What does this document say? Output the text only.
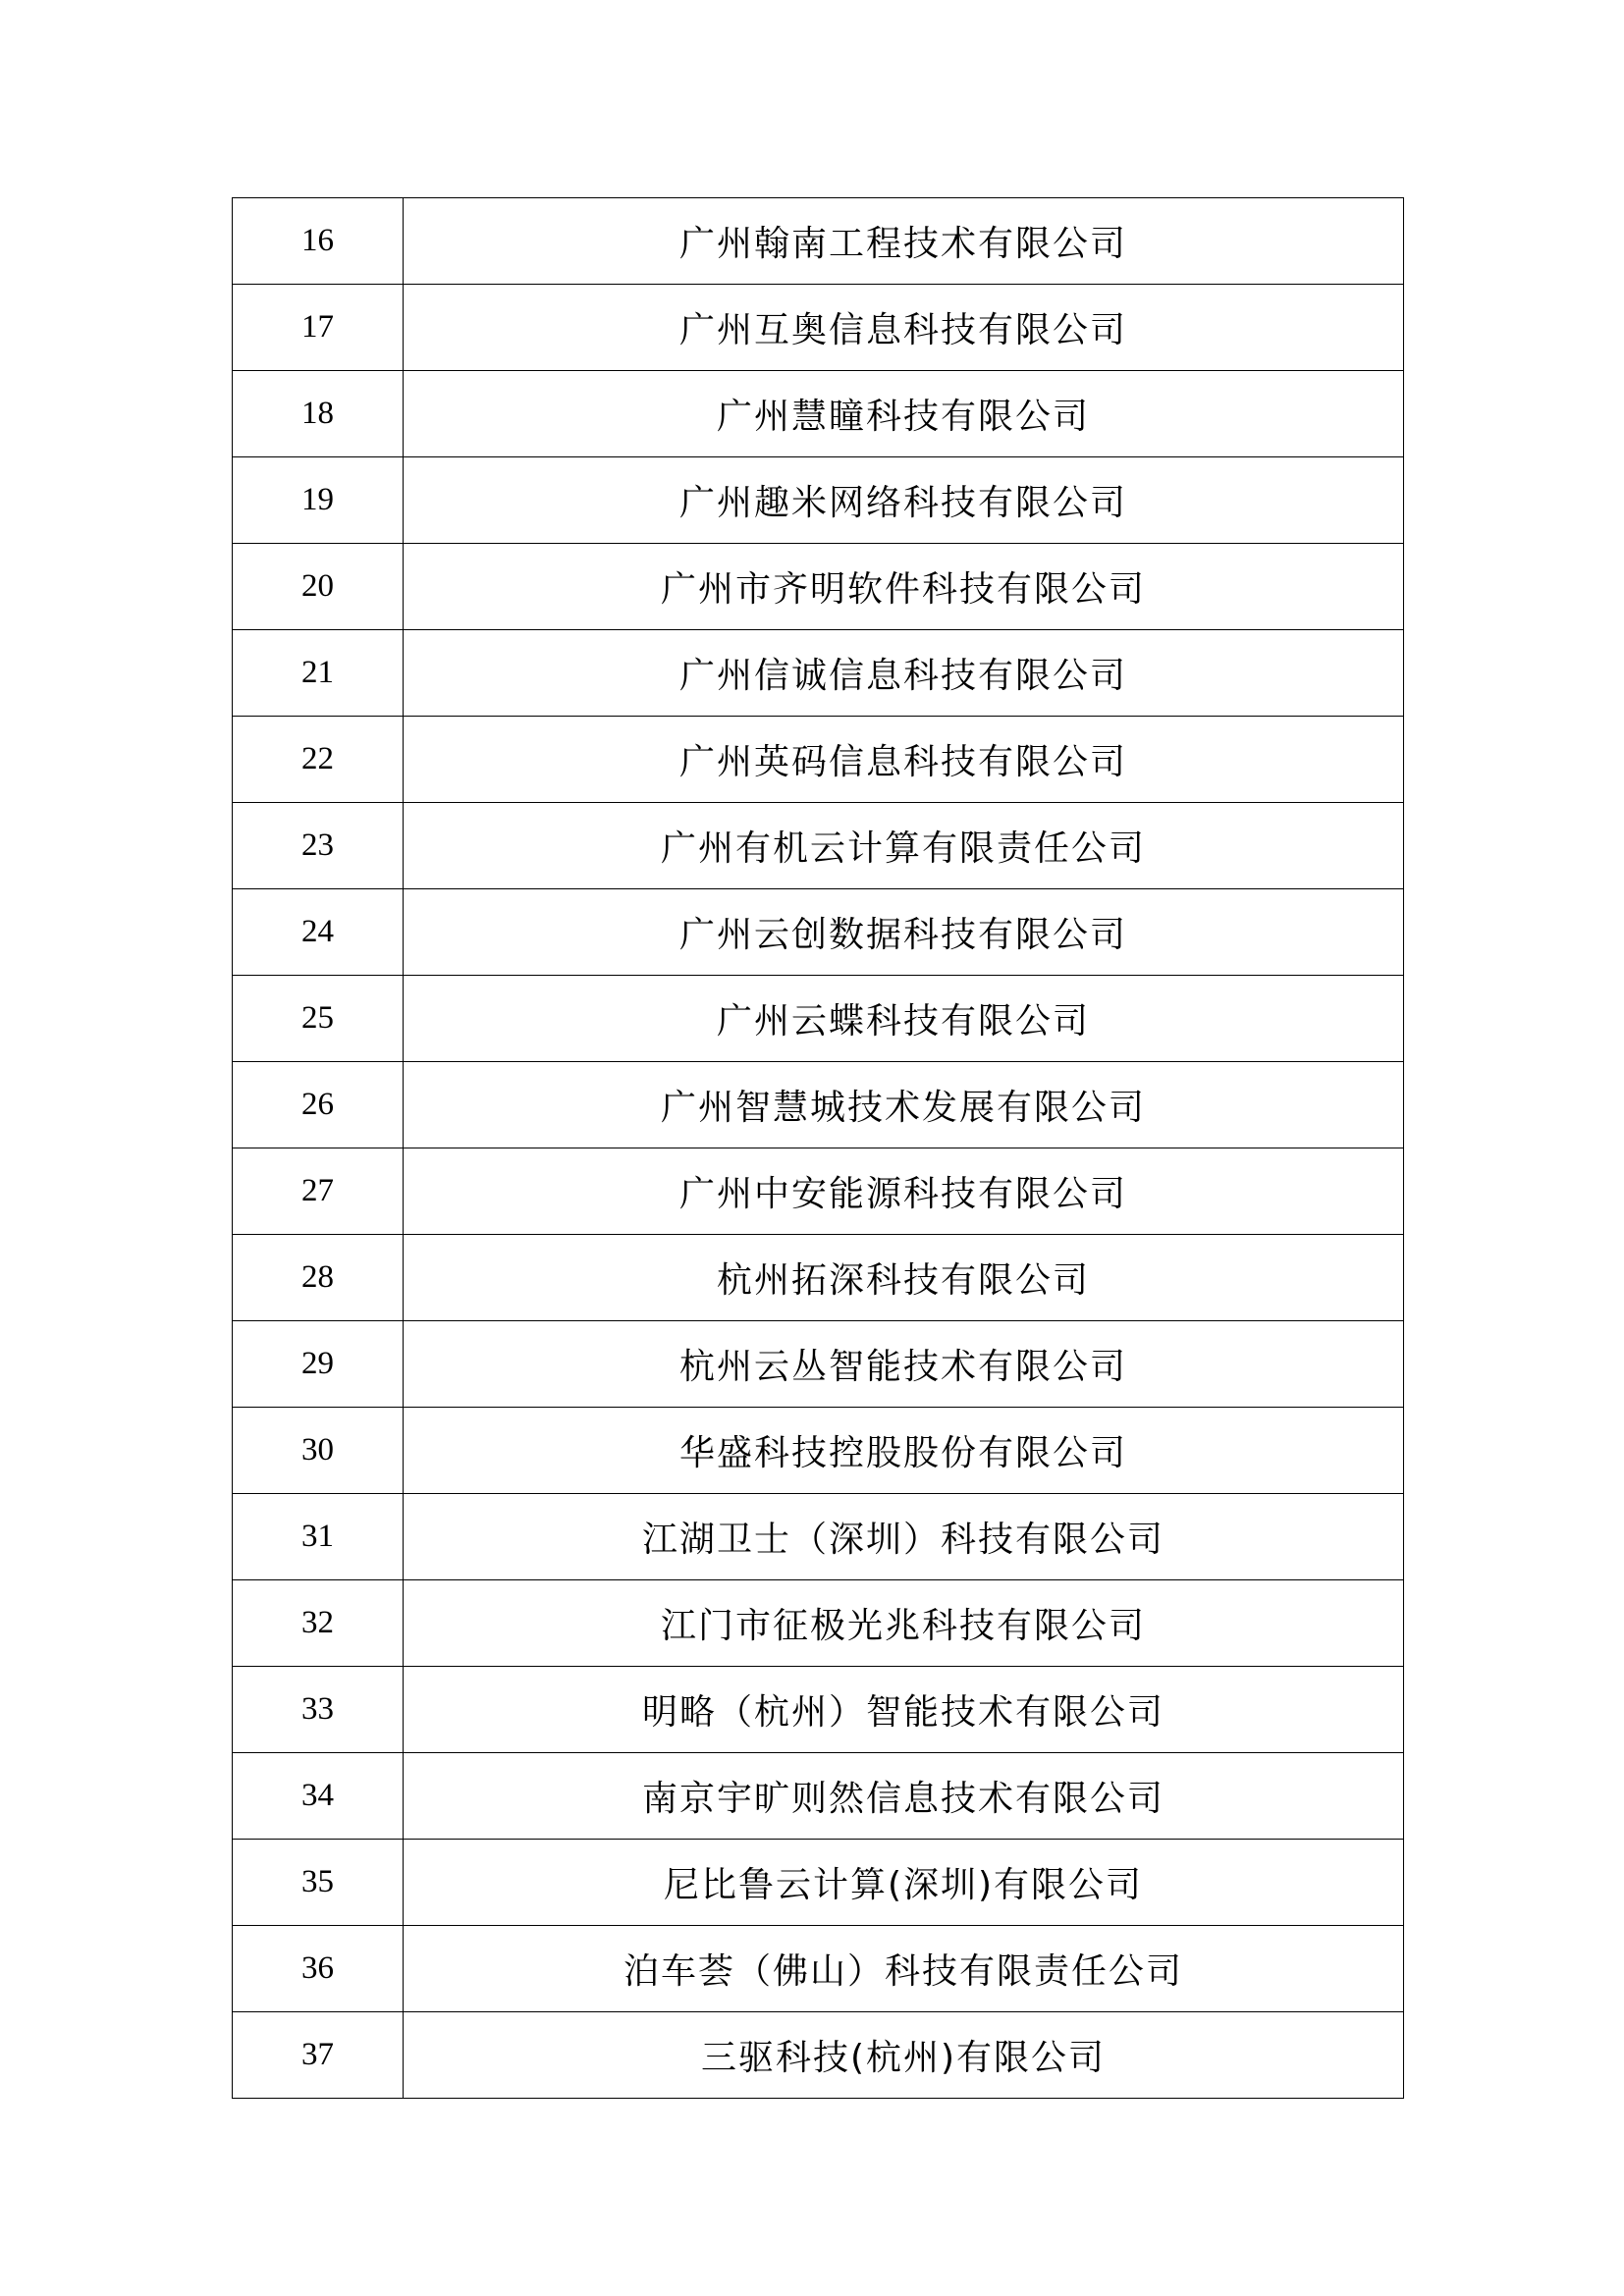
16	广州翰南工程技术有限公司
17	广州互奥信息科技有限公司
18	广州慧瞳科技有限公司
19	广州趣米网络科技有限公司
20	广州市齐明软件科技有限公司
21	广州信诚信息科技有限公司
22	广州英码信息科技有限公司
23	广州有机云计算有限责任公司
24	广州云创数据科技有限公司
25	广州云蝶科技有限公司
26	广州智慧城技术发展有限公司
27	广州中安能源科技有限公司
28	杭州拓深科技有限公司
29	杭州云丛智能技术有限公司
30	华盛科技控股股份有限公司
31	江湖卫士（深圳）科技有限公司
32	江门市征极光兆科技有限公司
33	明略（杭州）智能技术有限公司
34	南京宇旷则然信息技术有限公司
35	尼比鲁云计算(深圳)有限公司
36	泊车荟（佛山）科技有限责任公司
37	三驱科技(杭州)有限公司
